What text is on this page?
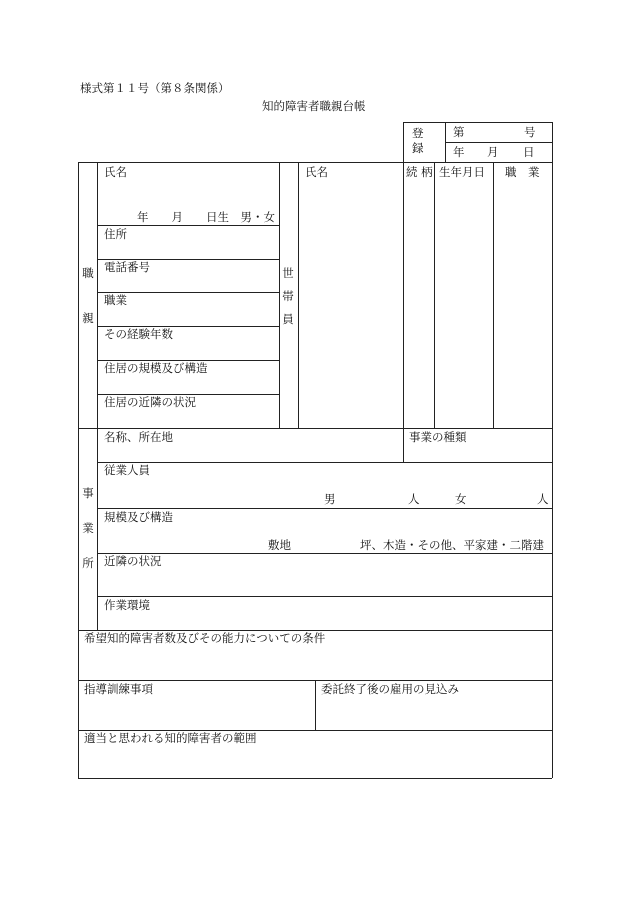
様式第１１号（第８条関係）
知的障害者職親台帳
登
録
第	号
年 月 日
職
親
氏名
年　　月　　日生　男・女
住所
電話番号
職業
その経験年数
住居の規模及び構造
住居の近隣の状況
世
帯
員
氏名	続 柄 生年月日 職　業
事
業
所
名称、所在地	事業の種類
従業人員
男	人	女	人
規模及び構造
敷地	坪、木造・その他、平家建・二階建
近隣の状況
作業環境
希望知的障害者数及びその能力についての条件
指導訓練事項	委託終了後の雇用の見込み
適当と思われる知的障害者の範囲
